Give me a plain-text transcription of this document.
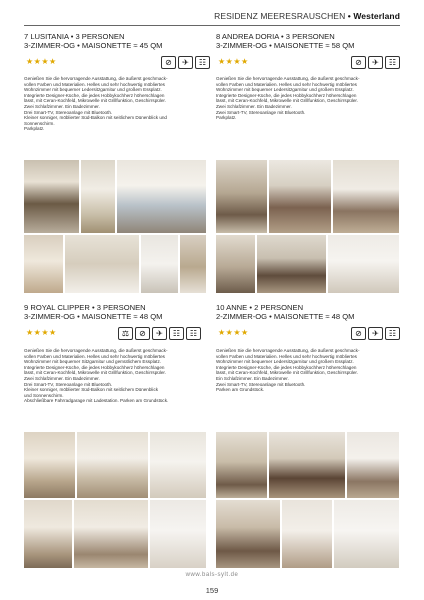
RESIDENZ MEERESRAUSCHEN • Westerland
7 LUSITANIA • 3 PERSONEN
3-ZIMMER-OG • MAISONETTE ≈ 45 QM
★★★★	⊘	✈	☷

Genießen Sie die hervorragende Ausstattung, die äußerst geschmack-

vollen Farben und Materialien. Helles und sehr hochwertig möbliertes

Wohnzimmer mit bequemer Ledersitzgarnitur und großem Essplatz.

Integrierte Designer-Küche, die jedes Hobbykochherz höherschlagen

lässt, mit Ceran-Kochfeld, Mikrowelle mit Grillfunktion, Geschirrspüler.

Zwei Schlafzimmer. Ein Badezimmer.

Drei Smart-TV, Stereoanlage mit Bluetooth.

Kleiner sonniger, möblierter Süd-Balkon mit seitlichem Dünenblick und

Sonnenschirm.

Parkplatz.

8 ANDREA DORIA • 3 PERSONEN
3-ZIMMER-OG • MAISONETTE ≈ 58 QM
★★★★	⊘	✈	☷

Genießen Sie die hervorragende Ausstattung, die äußerst geschmack-

vollen Farben und Materialien. Helles und sehr hochwertig möbliertes

Wohnzimmer mit bequemer Ledersitzgarnitur und großem Essplatz.

Integrierte Designer-Küche, die jedes Hobbykochherz höherschlagen

lässt, mit Ceran-Kochfeld, Mikrowelle mit Grillfunktion, Geschirrspüler.

Zwei Schlafzimmer. Ein Badezimmer.

Zwei Smart-TV, Stereoanlage mit Bluetooth.

Parkplatz.

9 ROYAL CLIPPER • 3 PERSONEN
3-ZIMMER-OG • MAISONETTE ≈ 48 QM
★★★★	⚖	⊘	✈	☷	☷

Genießen Sie die hervorragende Ausstattung, die äußerst geschmack-

vollen Farben und Materialien. Helles und sehr hochwertig möbliertes

Wohnzimmer mit bequemer Sitzgarnitur und gemütlichem Essplatz.

Integrierte Designer-Küche, die jedes Hobbykochherz höherschlagen

lässt, mit Ceran-Kochfeld, Mikrowelle mit Grillfunktion, Geschirrspüler.

Zwei Schlafzimmer. Ein Badezimmer.

Drei Smart-TV, Stereoanlage mit Bluetooth.

Kleiner sonniger, möblierter Süd-Balkon mit seitlichem Dünenblick

und Sonnenschirm.

Abschließbare Fahrradgarage mit Ladestation. Parken am Grundstück.

10 ANNE • 2 PERSONEN
2-ZIMMER-OG • MAISONETTE ≈ 48 QM
★★★★	⊘	✈	☷

Genießen Sie die hervorragende Ausstattung, die äußerst geschmack-

vollen Farben und Materialien. Helles und sehr hochwertig möbliertes

Wohnzimmer mit bequemer Ledersitzgarnitur und großem Essplatz.

Integrierte Designer-Küche, die jedes Hobbykochherz höherschlagen

lässt, mit Ceran-Kochfeld, Mikrowelle mit Grillfunktion, Geschirrspüler.

Ein Schlafzimmer. Ein Badezimmer.

Zwei Smart-TV, Stereoanlage mit Bluetooth.

Parken am Grundstück.

www.bals-sylt.de
159
